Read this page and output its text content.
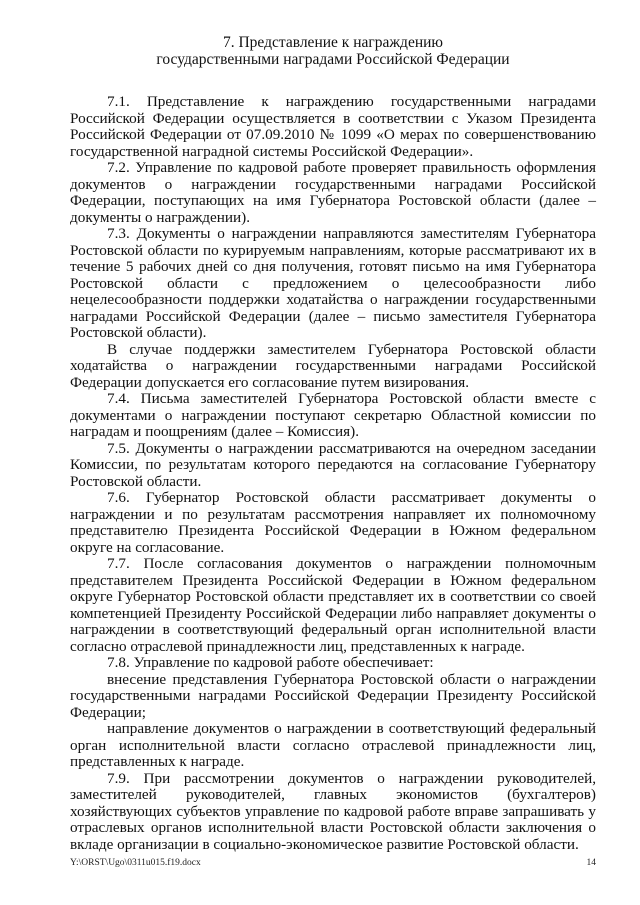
7. Представление к награждению
государственными наградами Российской Федерации

7.1. Представление к награждению государственными наградами Российской Федерации осуществляется в соответствии с Указом Президента Российской Федерации от 07.09.2010 № 1099 «О мерах по совершенствованию государственной наградной системы Российской Федерации».

7.2. Управление по кадровой работе проверяет правильность оформления документов о награждении государственными наградами Российской Федерации, поступающих на имя Губернатора Ростовской области (далее – документы о награждении).

7.3. Документы о награждении направляются заместителям Губернатора Ростовской области по курируемым направлениям, которые рассматривают их в течение 5 рабочих дней со дня получения, готовят письмо на имя Губернатора Ростовской области с предложением о целесообразности либо нецелесообразности поддержки ходатайства о награждении государственными наградами Российской Федерации (далее – письмо заместителя Губернатора Ростовской области).

В случае поддержки заместителем Губернатора Ростовской области ходатайства о награждении государственными наградами Российской Федерации допускается его согласование путем визирования.

7.4. Письма заместителей Губернатора Ростовской области вместе с документами о награждении поступают секретарю Областной комиссии по наградам и поощрениям (далее – Комиссия).

7.5. Документы о награждении рассматриваются на очередном заседании Комиссии, по результатам которого передаются на согласование Губернатору Ростовской области.

7.6. Губернатор Ростовской области рассматривает документы о награждении и по результатам рассмотрения направляет их полномочному представителю Президента Российской Федерации в Южном федеральном округе на согласование.

7.7. После согласования документов о награждении полномочным представителем Президента Российской Федерации в Южном федеральном округе Губернатор Ростовской области представляет их в соответствии со своей компетенцией Президенту Российской Федерации либо направляет документы о награждении в соответствующий федеральный орган исполнительной власти согласно отраслевой принадлежности лиц, представленных к награде.

7.8. Управление по кадровой работе обеспечивает:

внесение представления Губернатора Ростовской области о награждении государственными наградами Российской Федерации Президенту Российской Федерации;

направление документов о награждении в соответствующий федеральный орган исполнительной власти согласно отраслевой принадлежности лиц, представленных к награде.

7.9. При рассмотрении документов о награждении руководителей, заместителей руководителей, главных экономистов (бухгалтеров) хозяйствующих субъектов управление по кадровой работе вправе запрашивать у отраслевых органов исполнительной власти Ростовской области заключения о вкладе организации в социально-экономическое развитие Ростовской области.

Y:\ORST\Ugo\0311u015.f19.docx	14
